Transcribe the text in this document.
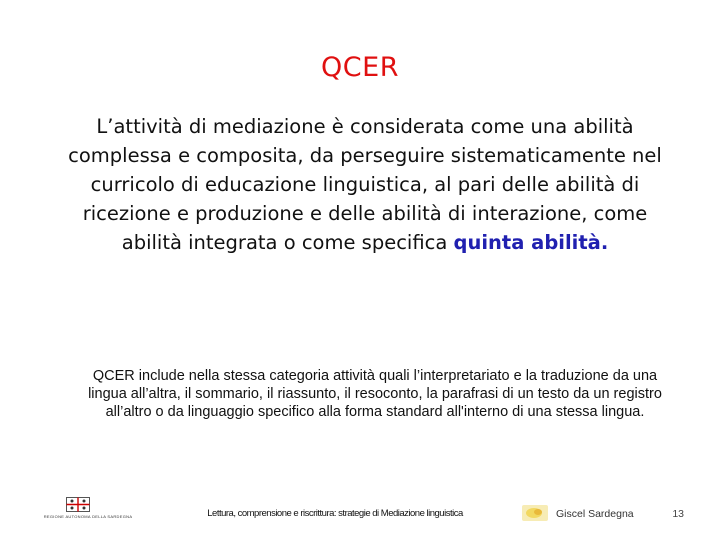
QCER
L’attività di mediazione è considerata come una abilità complessa e composita, da perseguire sistematicamente nel curricolo di educazione linguistica, al pari delle abilità di ricezione e produzione e delle abilità di interazione, come abilità integrata o come specifica quinta abilità.
QCER include nella stessa categoria attività quali l’interpretariato e la traduzione da una lingua all’altra, il sommario, il riassunto, il resoconto, la parafrasi di un testo da un registro all’altro o da linguaggio specifico alla forma standard all'interno di una stessa lingua.
REGIONE AUTONOMA DELLA SARDEGNA	Lettura, comprensione e riscrittura: strategie di Mediazione linguistica	Giscel Sardegna	13
